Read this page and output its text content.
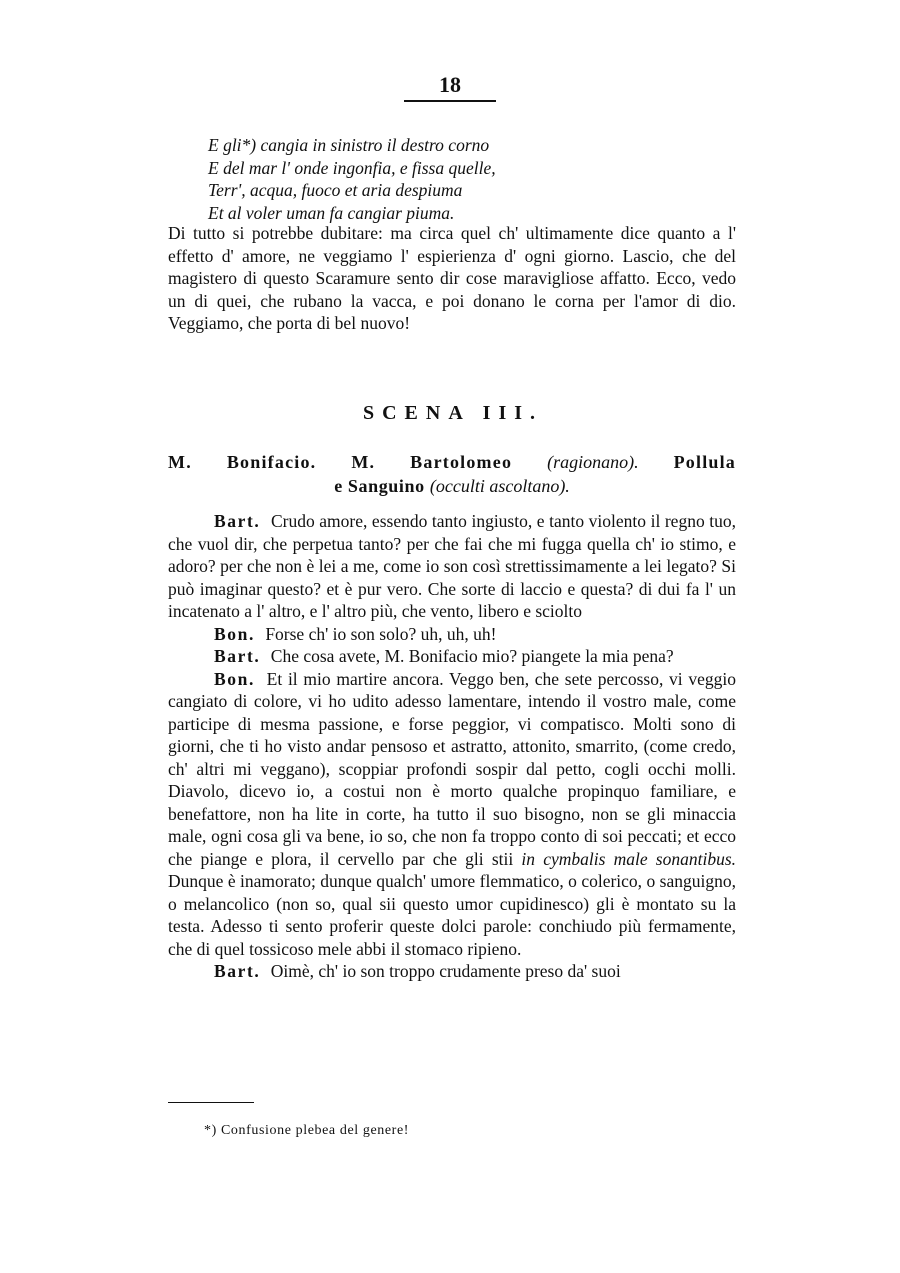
18
E gli*) cangia in sinistro il destro corno
E del mar l' onde ingonfia, e fissa quelle,
Terr', acqua, fuoco et aria despiuma
Et al voler uman fa cangiar piuma.
Di tutto si potrebbe dubitare: ma circa quel ch' ultimamente dice quanto a l' effetto d' amore, ne veggiamo l' espierienza d' ogni giorno. Lascio, che del magistero di questo Scaramure sento dir cose maravigliose affatto. Ecco, vedo un di quei, che rubano la vacca, e poi donano le corna per l'amor di dio. Veggiamo, che porta di bel nuovo!
SCENA III.
M. Bonifacio. M. Bartolomeo (ragionano). Pollula
e Sanguino (occulti ascoltano).

Bart. Crudo amore, essendo tanto ingiusto, e tanto violento il regno tuo, che vuol dir, che perpetua tanto? per che fai che mi fugga quella ch' io stimo, e adoro? per che non è lei a me, come io son così strettissimamente a lei legato? Si può imaginar questo? et è pur vero. Che sorte di laccio e questa? di dui fa l' un incatenato a l' altro, e l' altro più, che vento, libero e sciolto

Bon. Forse ch' io son solo? uh, uh, uh!

Bart. Che cosa avete, M. Bonifacio mio? piangete la mia pena?

Bon. Et il mio martire ancora. Veggo ben, che sete percosso, vi veggio cangiato di colore, vi ho udito adesso lamentare, intendo il vostro male, come participe di mesma passione, e forse peggior, vi compatisco. Molti sono di giorni, che ti ho visto andar pensoso et astratto, attonito, smarrito, (come credo, ch' altri mi veggano), scoppiar profondi sospir dal petto, cogli occhi molli. Diavolo, dicevo io, a costui non è morto qualche propinquo familiare, e benefattore, non ha lite in corte, ha tutto il suo bisogno, non se gli minaccia male, ogni cosa gli va bene, io so, che non fa troppo conto di soi peccati; et ecco che piange e plora, il cervello par che gli stii in cymbalis male sonantibus. Dunque è inamorato; dunque qualch' umore flemmatico, o colerico, o sanguigno, o melancolico (non so, qual sii questo umor cupidinesco) gli è montato su la testa. Adesso ti sento proferir queste dolci parole: conchiudo più fermamente, che di quel tossicoso mele abbi il stomaco ripieno.

Bart. Oimè, ch' io son troppo crudamente preso da' suoi

*) Confusione plebea del genere!
